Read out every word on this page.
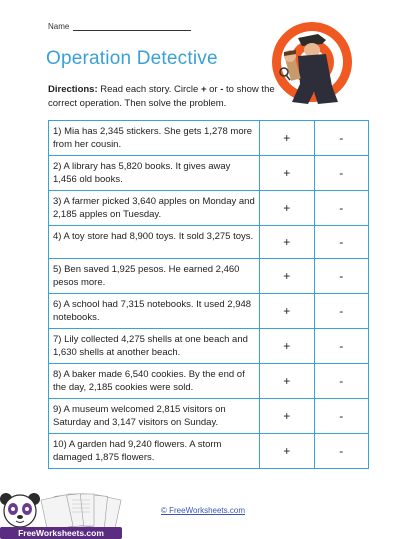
Name
Operation Detective
Directions: Read each story. Circle + or - to show the correct operation. Then solve the problem.
1) Mia has 2,345 stickers. She gets 1,278 more from her cousin.	+	-
2) A library has 5,820 books. It gives away 1,456 old books.	+	-
3) A farmer picked 3,640 apples on Monday and 2,185 apples on Tuesday.	+	-
4) A toy store had 8,900 toys. It sold 3,275 toys.	+	-
5) Ben saved 1,925 pesos. He earned 2,460 pesos more.	+	-
6) A school had 7,315 notebooks. It used 2,948 notebooks.	+	-
7) Lily collected 4,275 shells at one beach and 1,630 shells at another beach.	+	-
8) A baker made 6,540 cookies. By the end of the day, 2,185 cookies were sold.	+	-
9) A museum welcomed 2,815 visitors on Saturday and 3,147 visitors on Sunday.	+	-
10) A garden had 9,240 flowers. A storm damaged 1,875 flowers.	+	-
FreeWorksheets.com
© FreeWorksheets.com
